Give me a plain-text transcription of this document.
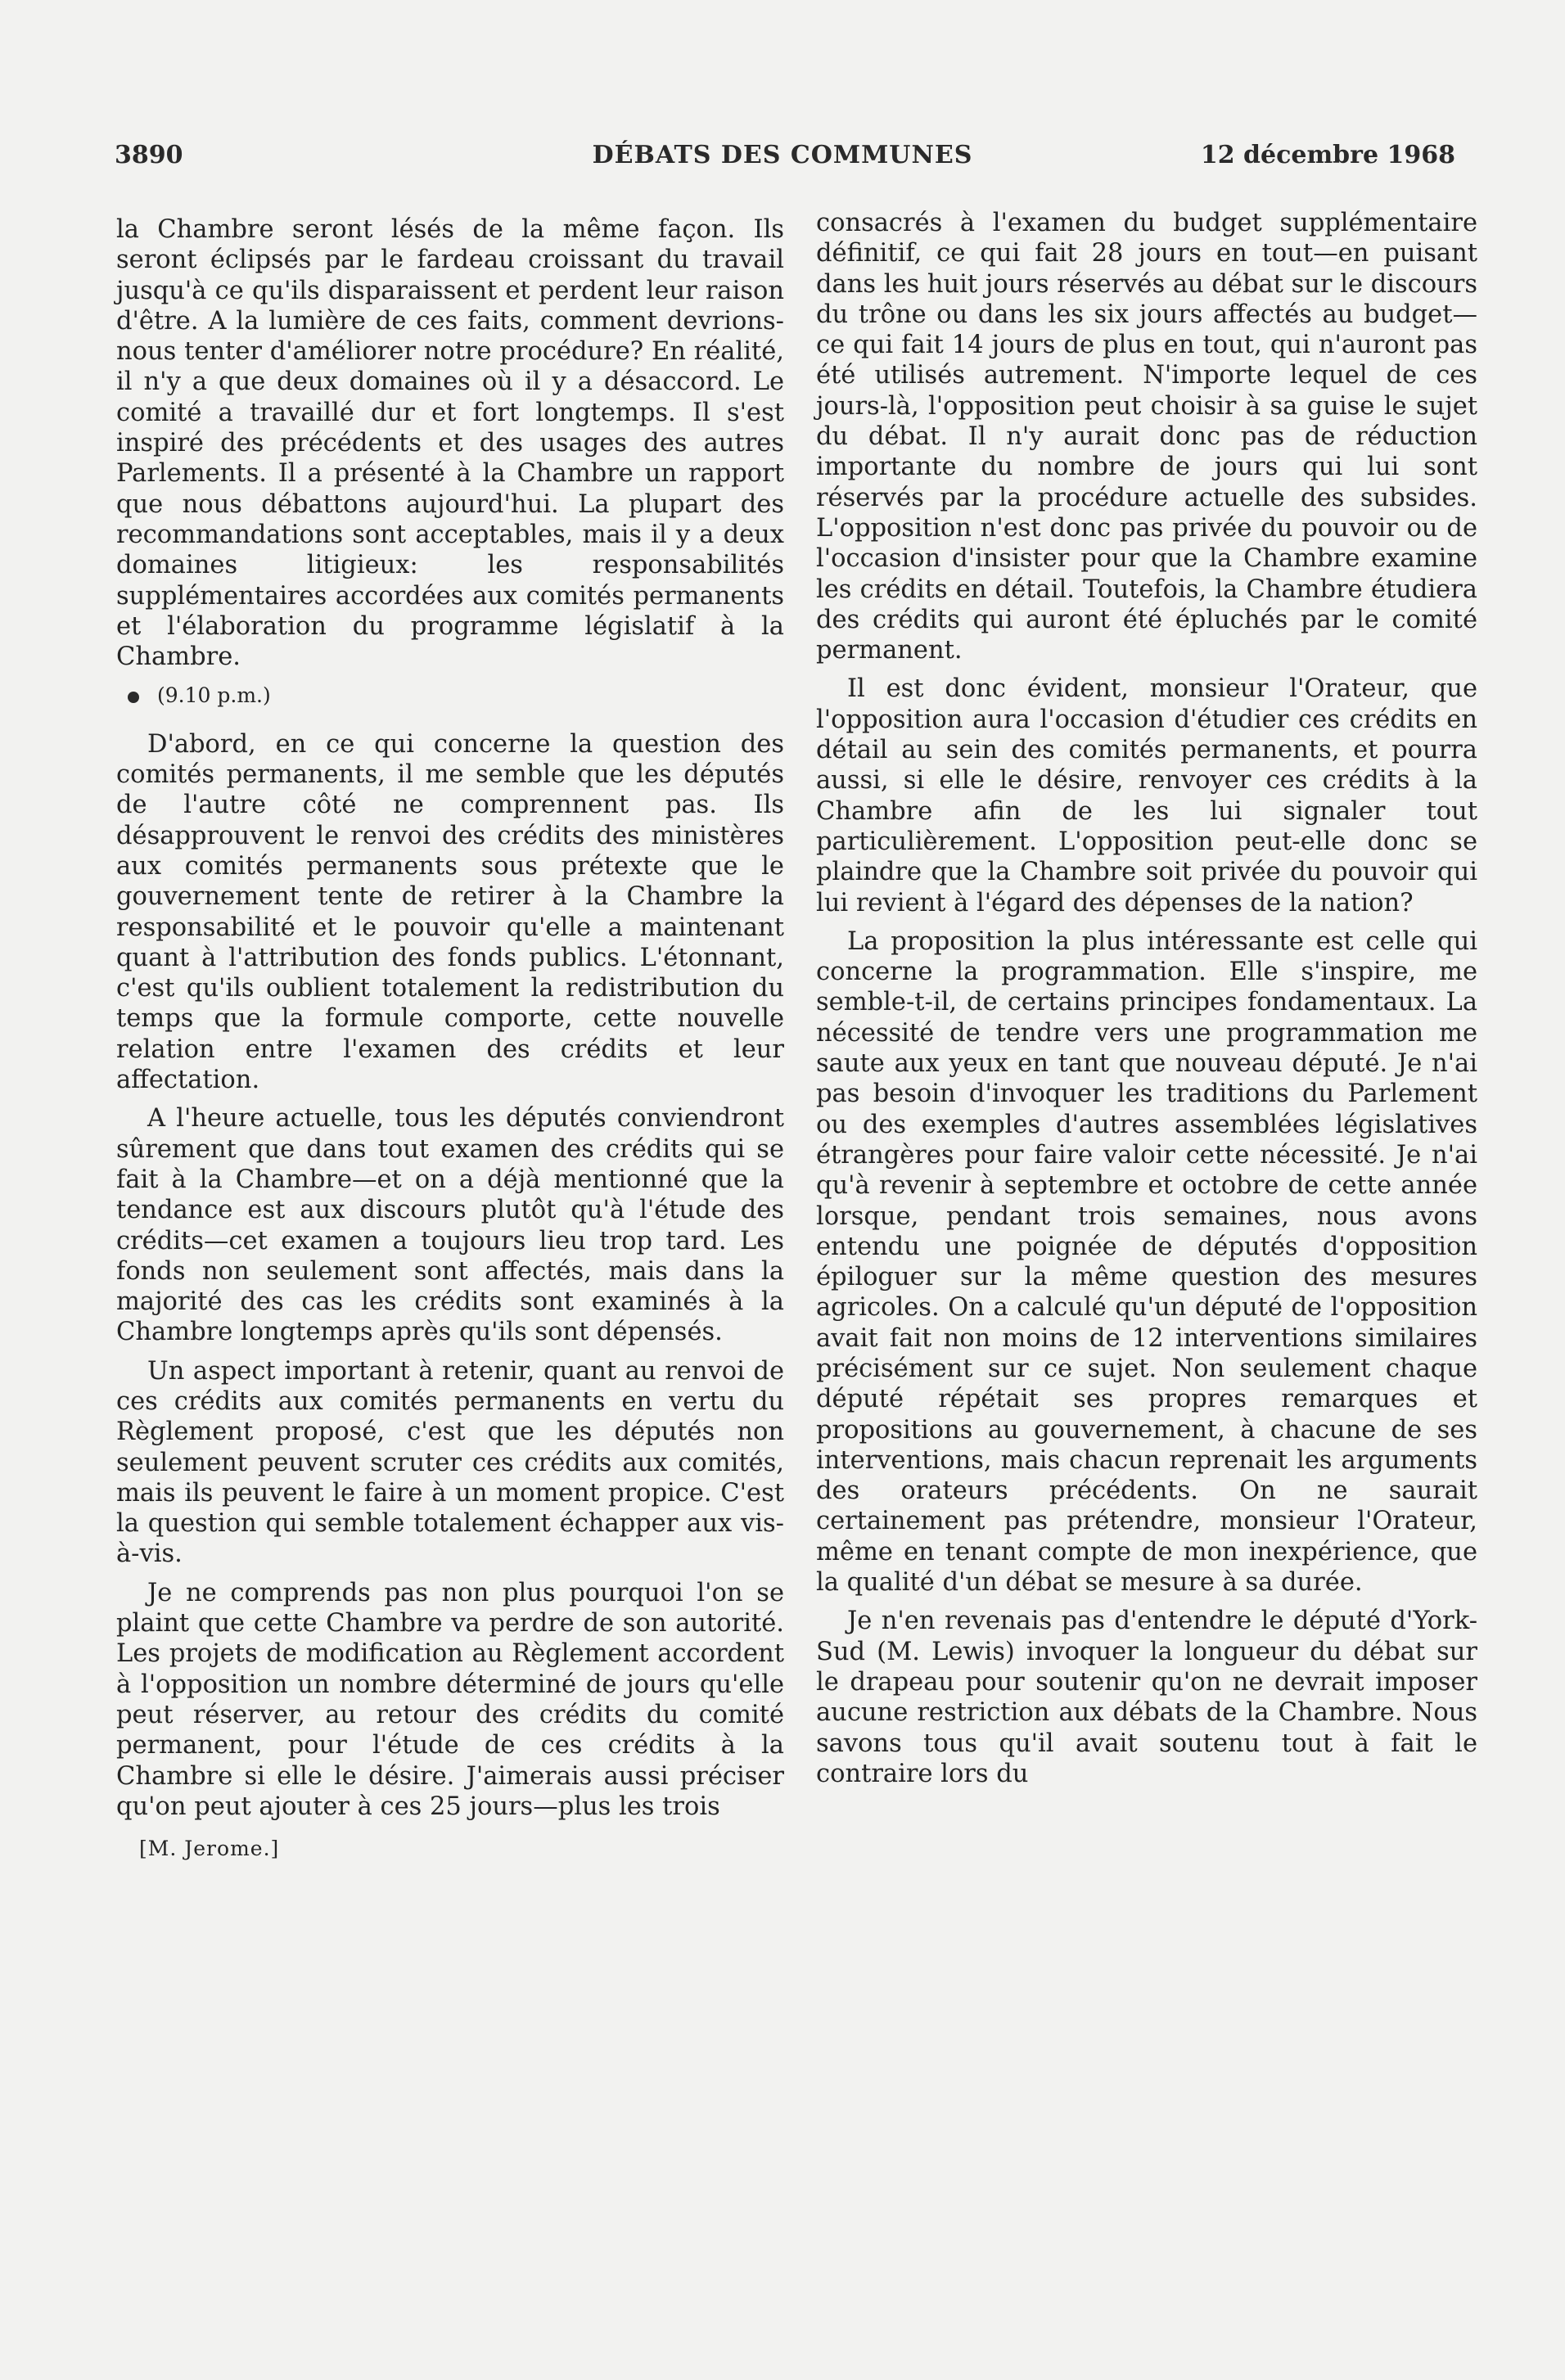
3890	DÉBATS DES COMMUNES	12 décembre 1968

la Chambre seront lésés de la même façon. Ils seront éclipsés par le fardeau croissant du travail jusqu'à ce qu'ils disparaissent et perdent leur raison d'être. A la lumière de ces faits, comment devrions-nous tenter d'améliorer notre procédure? En réalité, il n'y a que deux domaines où il y a désaccord. Le comité a travaillé dur et fort longtemps. Il s'est inspiré des précédents et des usages des autres Parlements. Il a présenté à la Chambre un rapport que nous débattons aujourd'hui. La plupart des recommandations sont acceptables, mais il y a deux domaines litigieux: les responsabilités supplémentaires accordées aux comités permanents et l'élaboration du programme législatif à la Chambre.

(9.10 p.m.)

D'abord, en ce qui concerne la question des comités permanents, il me semble que les députés de l'autre côté ne comprennent pas. Ils désapprouvent le renvoi des crédits des ministères aux comités permanents sous prétexte que le gouvernement tente de retirer à la Chambre la responsabilité et le pouvoir qu'elle a maintenant quant à l'attribution des fonds publics. L'étonnant, c'est qu'ils oublient totalement la redistribution du temps que la formule comporte, cette nouvelle relation entre l'examen des crédits et leur affectation.

A l'heure actuelle, tous les députés conviendront sûrement que dans tout examen des crédits qui se fait à la Chambre—et on a déjà mentionné que la tendance est aux discours plutôt qu'à l'étude des crédits—cet examen a toujours lieu trop tard. Les fonds non seulement sont affectés, mais dans la majorité des cas les crédits sont examinés à la Chambre longtemps après qu'ils sont dépensés.

Un aspect important à retenir, quant au renvoi de ces crédits aux comités permanents en vertu du Règlement proposé, c'est que les députés non seulement peuvent scruter ces crédits aux comités, mais ils peuvent le faire à un moment propice. C'est la question qui semble totalement échapper aux vis-à-vis.

Je ne comprends pas non plus pourquoi l'on se plaint que cette Chambre va perdre de son autorité. Les projets de modification au Règlement accordent à l'opposition un nombre déterminé de jours qu'elle peut réserver, au retour des crédits du comité permanent, pour l'étude de ces crédits à la Chambre si elle le désire. J'aimerais aussi préciser qu'on peut ajouter à ces 25 jours—plus les trois

[M. Jerome.]

consacrés à l'examen du budget supplémentaire définitif, ce qui fait 28 jours en tout—en puisant dans les huit jours réservés au débat sur le discours du trône ou dans les six jours affectés au budget—ce qui fait 14 jours de plus en tout, qui n'auront pas été utilisés autrement. N'importe lequel de ces jours-là, l'opposition peut choisir à sa guise le sujet du débat. Il n'y aurait donc pas de réduction importante du nombre de jours qui lui sont réservés par la procédure actuelle des subsides. L'opposition n'est donc pas privée du pouvoir ou de l'occasion d'insister pour que la Chambre examine les crédits en détail. Toutefois, la Chambre étudiera des crédits qui auront été épluchés par le comité permanent.

Il est donc évident, monsieur l'Orateur, que l'opposition aura l'occasion d'étudier ces crédits en détail au sein des comités permanents, et pourra aussi, si elle le désire, renvoyer ces crédits à la Chambre afin de les lui signaler tout particulièrement. L'opposition peut-elle donc se plaindre que la Chambre soit privée du pouvoir qui lui revient à l'égard des dépenses de la nation?

La proposition la plus intéressante est celle qui concerne la programmation. Elle s'inspire, me semble-t-il, de certains principes fondamentaux. La nécessité de tendre vers une programmation me saute aux yeux en tant que nouveau député. Je n'ai pas besoin d'invoquer les traditions du Parlement ou des exemples d'autres assemblées législatives étrangères pour faire valoir cette nécessité. Je n'ai qu'à revenir à septembre et octobre de cette année lorsque, pendant trois semaines, nous avons entendu une poignée de députés d'opposition épiloguer sur la même question des mesures agricoles. On a calculé qu'un député de l'opposition avait fait non moins de 12 interventions similaires précisément sur ce sujet. Non seulement chaque député répétait ses propres remarques et propositions au gouvernement, à chacune de ses interventions, mais chacun reprenait les arguments des orateurs précédents. On ne saurait certainement pas prétendre, monsieur l'Orateur, même en tenant compte de mon inexpérience, que la qualité d'un débat se mesure à sa durée.

Je n'en revenais pas d'entendre le député d'York-Sud (M. Lewis) invoquer la longueur du débat sur le drapeau pour soutenir qu'on ne devrait imposer aucune restriction aux débats de la Chambre. Nous savons tous qu'il avait soutenu tout à fait le contraire lors du
